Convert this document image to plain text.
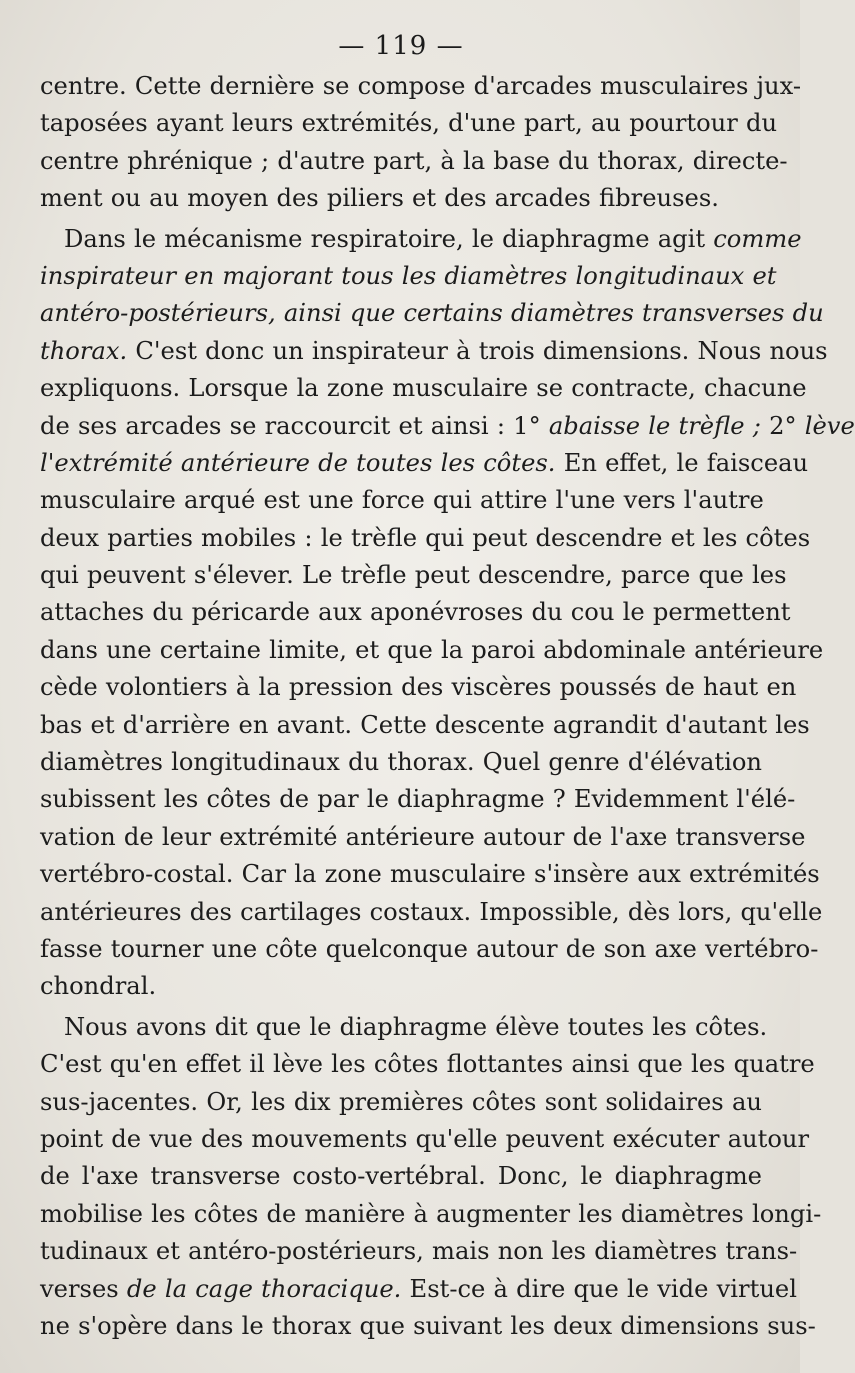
— 119 —
centre. Cette dernière se compose d'arcades musculaires jux-
taposées ayant leurs extrémités, d'une part, au pourtour du
centre phrénique ; d'autre part, à la base du thorax, directe-
ment ou au moyen des piliers et des arcades fibreuses.
Dans le mécanisme respiratoire, le diaphragme agit comme
inspirateur en majorant tous les diamètres longitudinaux et
antéro-postérieurs, ainsi que certains diamètres transverses du
thorax. C'est donc un inspirateur à trois dimensions. Nous nous
expliquons. Lorsque la zone musculaire se contracte, chacune
de ses arcades se raccourcit et ainsi : 1° abaisse le trèfle ; 2° lève
l'extrémité antérieure de toutes les côtes. En effet, le faisceau
musculaire arqué est une force qui attire l'une vers l'autre
deux parties mobiles : le trèfle qui peut descendre et les côtes
qui peuvent s'élever. Le trèfle peut descendre, parce que les
attaches du péricarde aux aponévroses du cou le permettent
dans une certaine limite, et que la paroi abdominale antérieure
cède volontiers à la pression des viscères poussés de haut en
bas et d'arrière en avant. Cette descente agrandit d'autant les
diamètres longitudinaux du thorax. Quel genre d'élévation
subissent les côtes de par le diaphragme ? Evidemment l'élé-
vation de leur extrémité antérieure autour de l'axe transverse
vertébro-costal. Car la zone musculaire s'insère aux extrémités
antérieures des cartilages costaux. Impossible, dès lors, qu'elle
fasse tourner une côte quelconque autour de son axe vertébro-
chondral.
Nous avons dit que le diaphragme élève toutes les côtes.
C'est qu'en effet il lève les côtes flottantes ainsi que les quatre
sus-jacentes. Or, les dix premières côtes sont solidaires au
point de vue des mouvements qu'elle peuvent exécuter autour
de l'axe transverse costo-vertébral. Donc, le diaphragme
mobilise les côtes de manière à augmenter les diamètres longi-
tudinaux et antéro-postérieurs, mais non les diamètres trans-
verses de la cage thoracique. Est-ce à dire que le vide virtuel
ne s'opère dans le thorax que suivant les deux dimensions sus-
